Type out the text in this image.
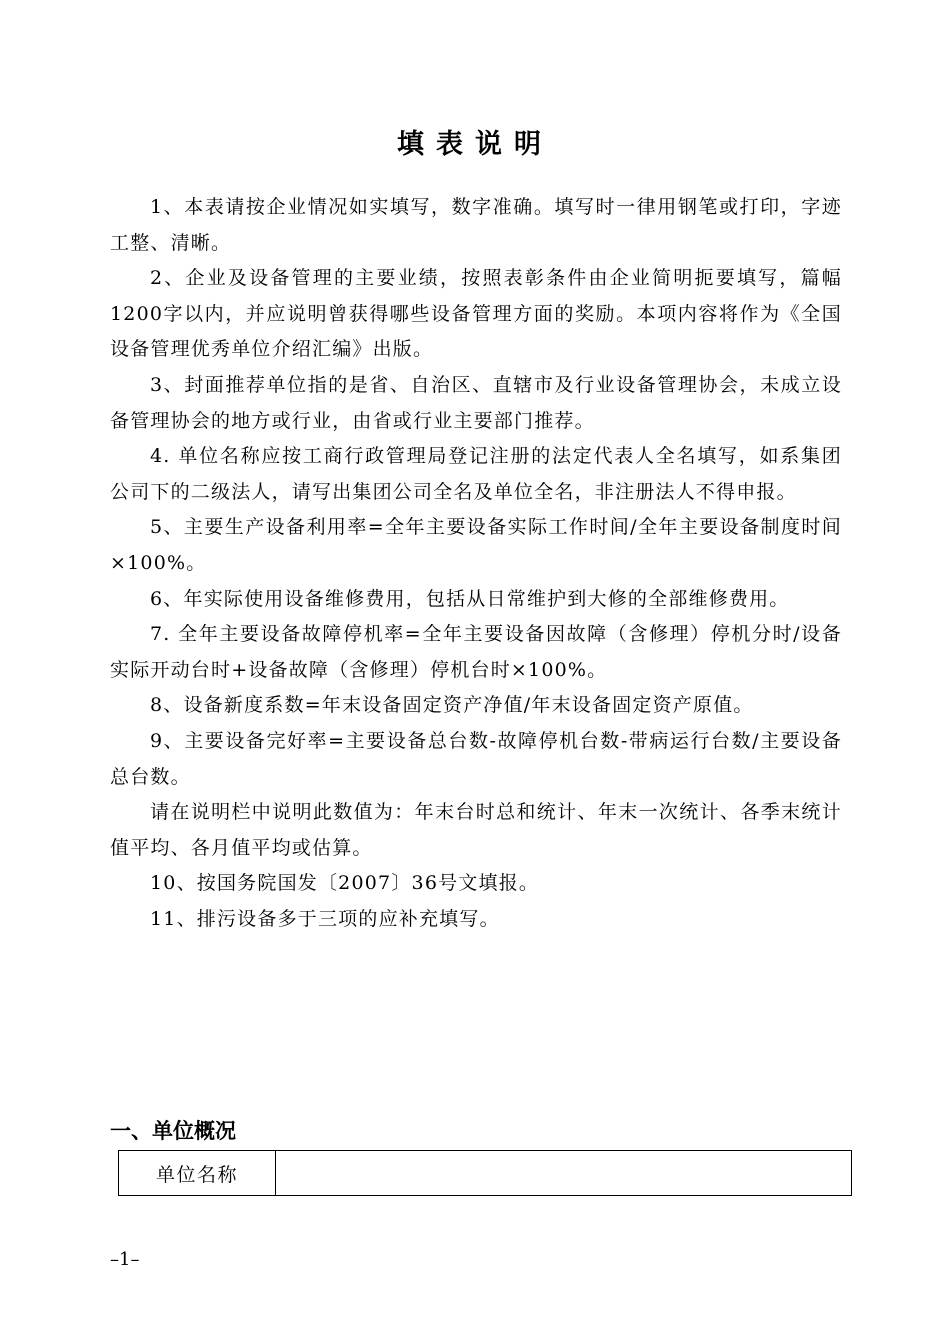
填表说明

1、本表请按企业情况如实填写，数字准确。填写时一律用钢笔或打印，字迹工整、清晰。

2、企业及设备管理的主要业绩，按照表彰条件由企业简明扼要填写，篇幅1200字以内，并应说明曾获得哪些设备管理方面的奖励。本项内容将作为《全国设备管理优秀单位介绍汇编》出版。

3、封面推荐单位指的是省、自治区、直辖市及行业设备管理协会，未成立设备管理协会的地方或行业，由省或行业主要部门推荐。

4. 单位名称应按工商行政管理局登记注册的法定代表人全名填写，如系集团公司下的二级法人，请写出集团公司全名及单位全名，非注册法人不得申报。

5、主要生产设备利用率=全年主要设备实际工作时间/全年主要设备制度时间×100%。

6、年实际使用设备维修费用，包括从日常维护到大修的全部维修费用。

7. 全年主要设备故障停机率=全年主要设备因故障（含修理）停机分时/设备实际开动台时+设备故障（含修理）停机台时×100%。

8、设备新度系数=年末设备固定资产净值/年末设备固定资产原值。

9、主要设备完好率=主要设备总台数-故障停机台数-带病运行台数/主要设备总台数。

请在说明栏中说明此数值为：年末台时总和统计、年末一次统计、各季末统计值平均、各月值平均或估算。

10、按国务院国发〔2007〕36号文填报。

11、排污设备多于三项的应补充填写。

一、单位概况
单位名称
–1–
